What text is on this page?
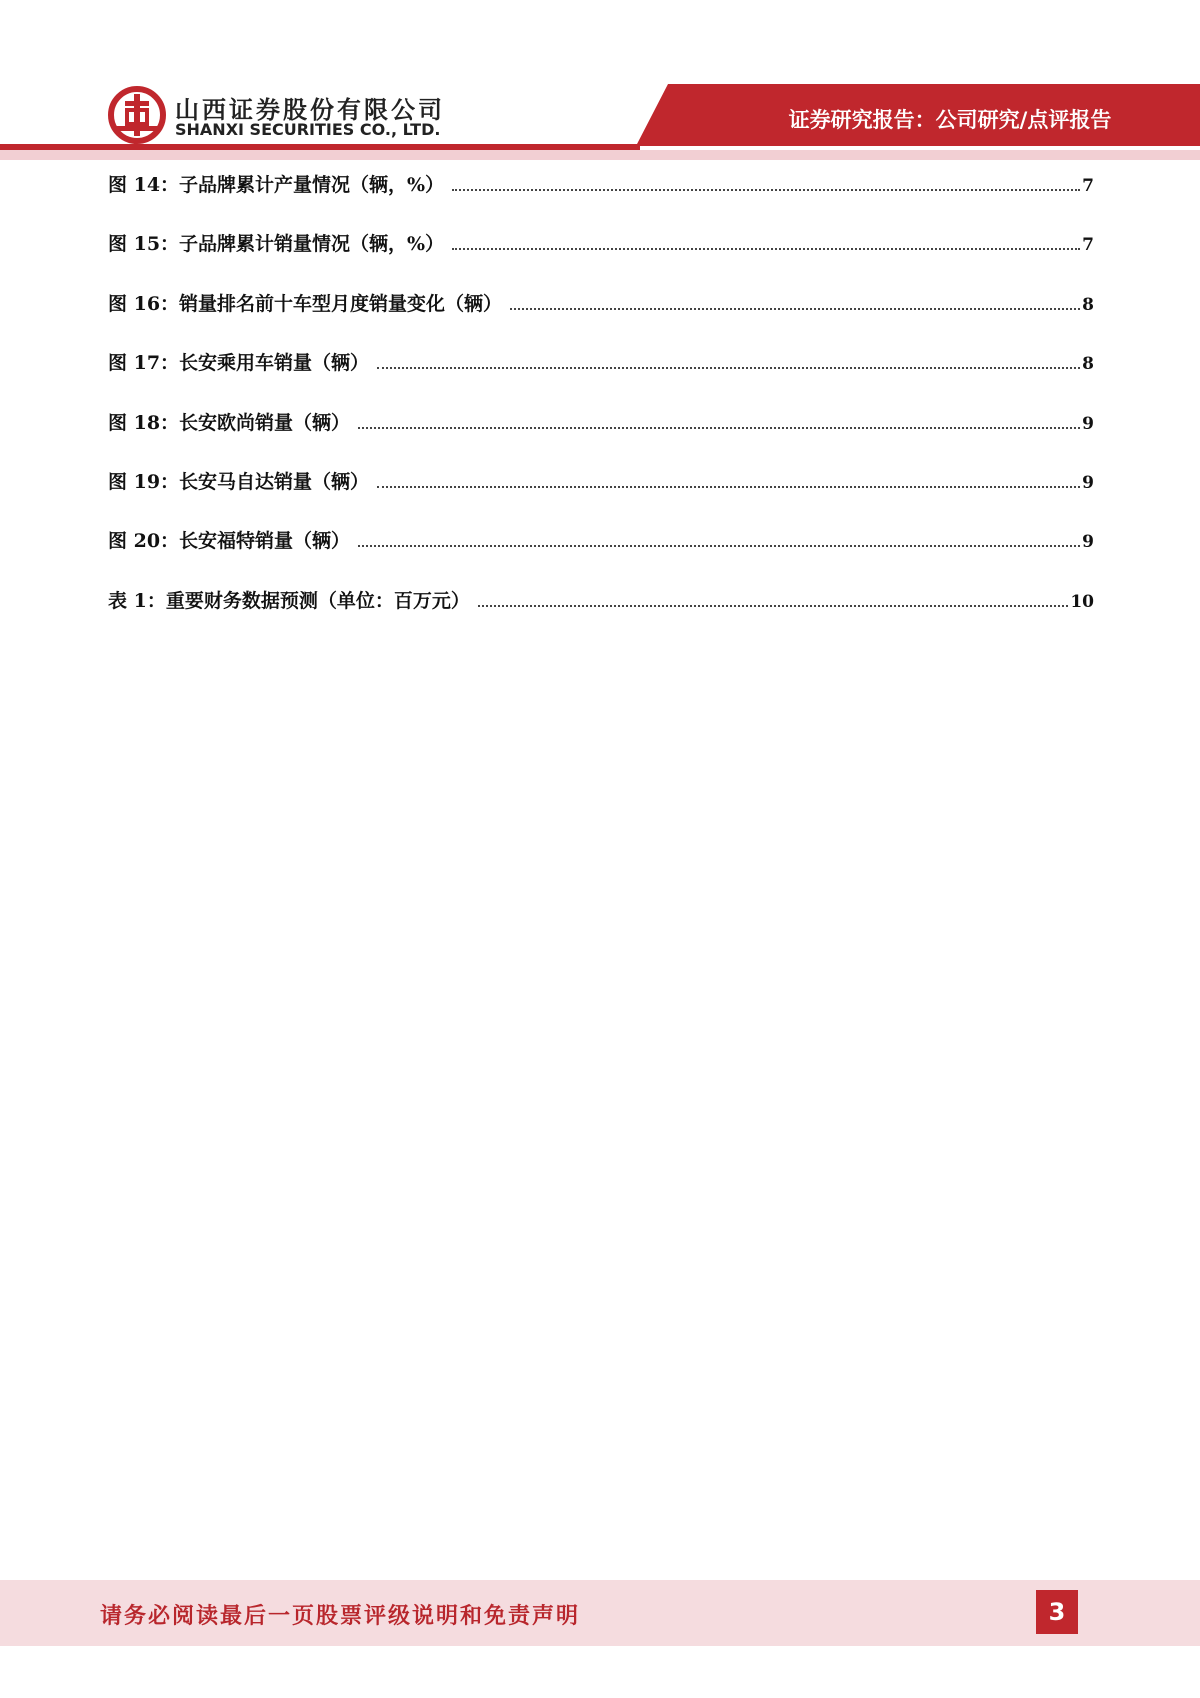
山西证券股份有限公司
SHANXI SECURITIES CO., LTD.	证券研究报告：公司研究/点评报告
图 14：子品牌累计产量情况（辆，%）	7
图 15：子品牌累计销量情况（辆，%）	7
图 16：销量排名前十车型月度销量变化（辆）	8
图 17：长安乘用车销量（辆）	8
图 18：长安欧尚销量（辆）	9
图 19：长安马自达销量（辆）	9
图 20：长安福特销量（辆）	9
表 1：重要财务数据预测（单位：百万元）	10
请务必阅读最后一页股票评级说明和免责声明	3
